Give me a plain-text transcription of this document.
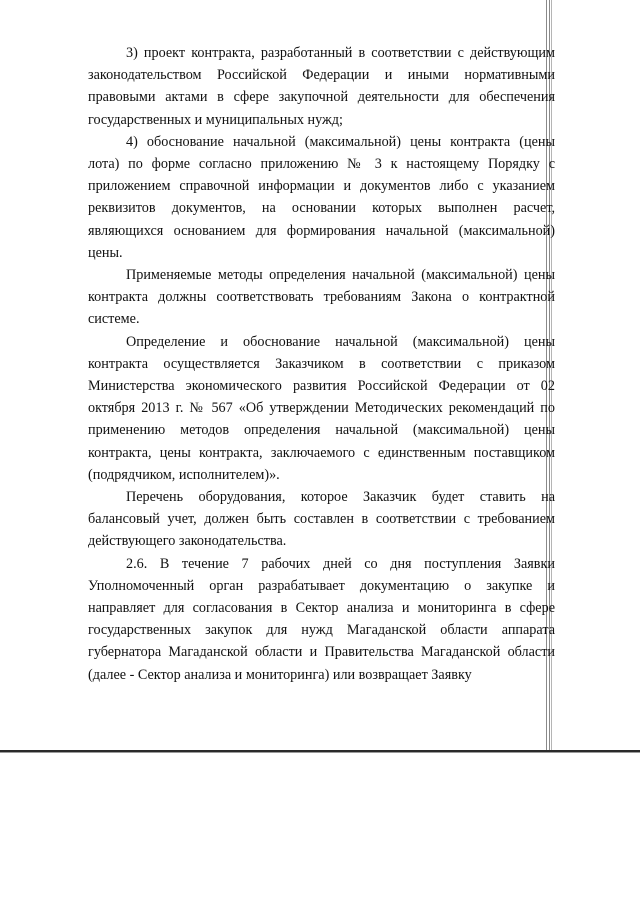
3) проект контракта, разработанный в соответствии с действующим законодательством Российской Федерации и иными нормативными правовыми актами в сфере закупочной деятельности для обеспечения государственных и муниципальных нужд;

4) обоснование начальной (максимальной) цены контракта (цены лота) по форме согласно приложению № 3 к настоящему Порядку с приложением справочной информации и документов либо с указанием реквизитов документов, на основании которых выполнен расчет, являющихся основанием для формирования начальной (максимальной) цены.

Применяемые методы определения начальной (максимальной) цены контракта должны соответствовать требованиям Закона о контрактной системе.

Определение и обоснование начальной (максимальной) цены контракта осуществляется Заказчиком в соответствии с приказом Министерства экономического развития Российской Федерации от 02 октября 2013 г. № 567 «Об утверждении Методических рекомендаций по применению методов определения начальной (максимальной) цены контракта, цены контракта, заключаемого с единственным поставщиком (подрядчиком, исполнителем)».

Перечень оборудования, которое Заказчик будет ставить на балансовый учет, должен быть составлен в соответствии с требованием действующего законодательства.

2.6. В течение 7 рабочих дней со дня поступления Заявки Уполномоченный орган разрабатывает документацию о закупке и направляет для согласования в Сектор анализа и мониторинга в сфере государственных закупок для нужд Магаданской области аппарата губернатора Магаданской области и Правительства Магаданской области (далее - Сектор анализа и мониторинга) или возвращает Заявку
